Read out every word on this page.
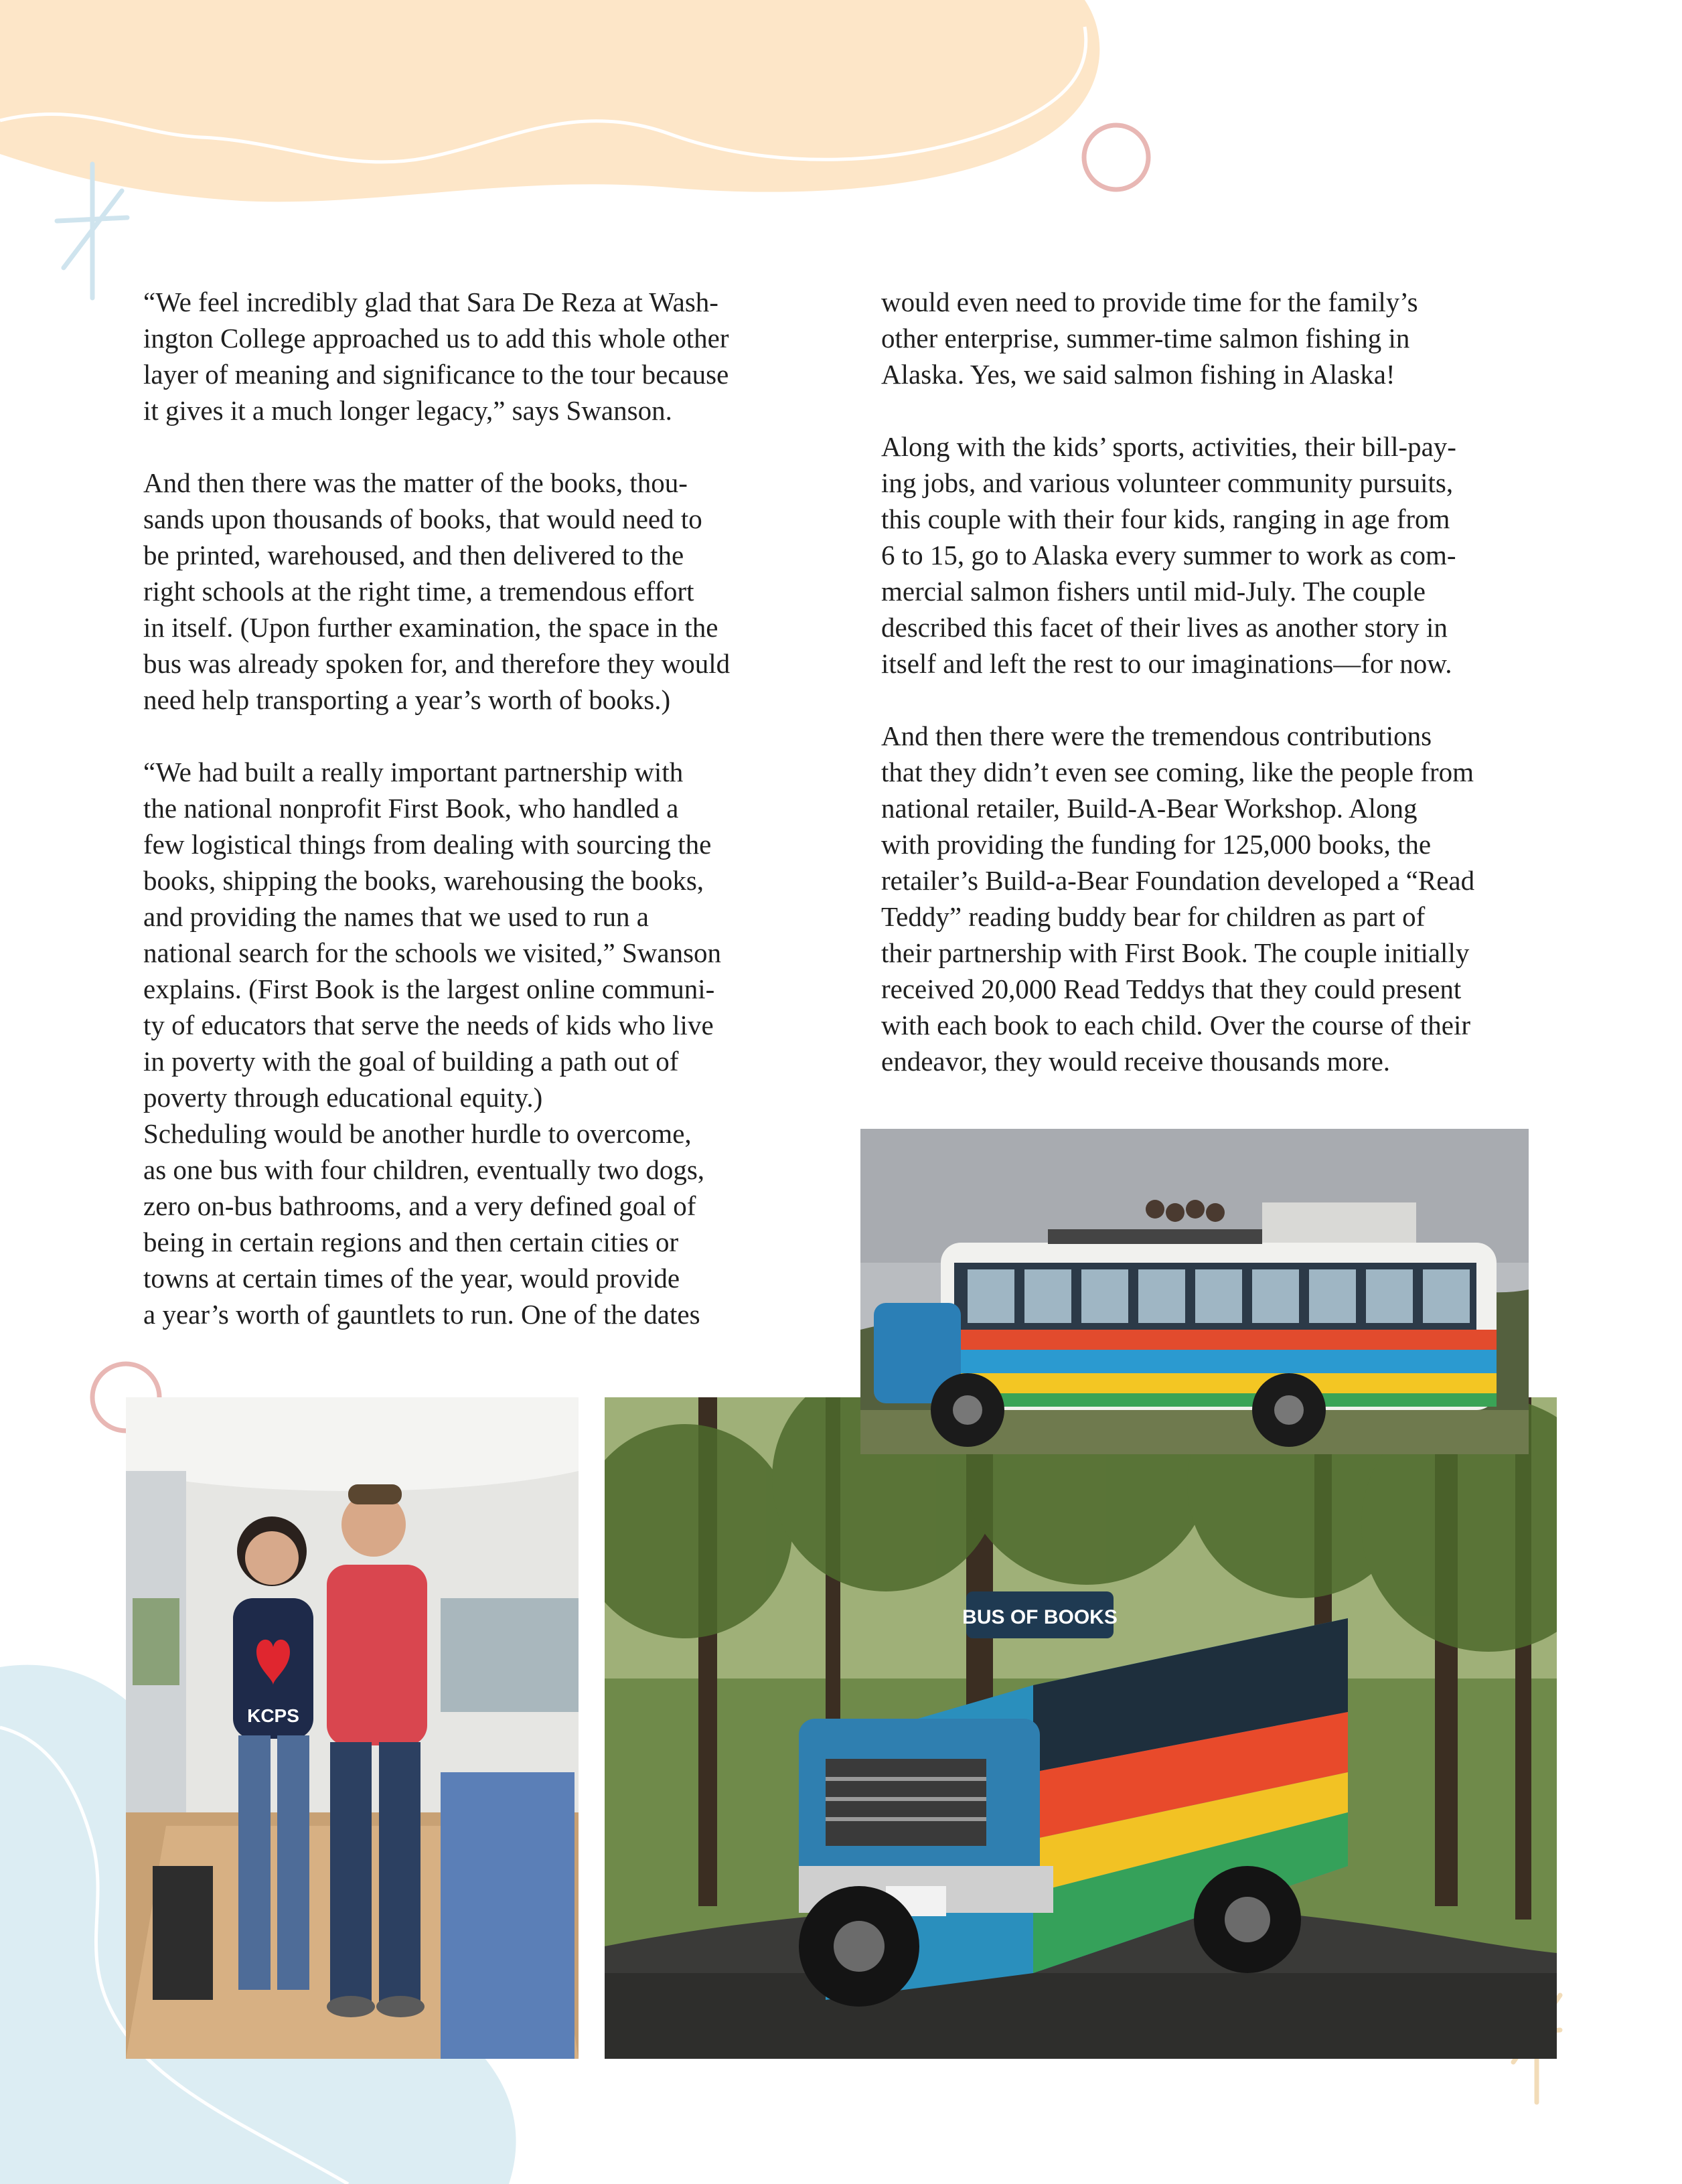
“We feel incredibly glad that Sara De Reza at Wash-
ington College approached us to add this whole other
layer of meaning and significance to the tour because
it gives it a much longer legacy,” says Swanson.

And then there was the matter of the books, thou-
sands upon thousands of books, that would need to
be printed, warehoused, and then delivered to the
right schools at the right time, a tremendous effort
in itself. (Upon further examination, the space in the
bus was already spoken for, and therefore they would
need help transporting a year’s worth of books.)

“We had built a really important partnership with
the national nonprofit First Book, who handled a
few logistical things from dealing with sourcing the
books, shipping the books, warehousing the books,
and providing the names that we used to run a
national search for the schools we visited,” Swanson
explains. (First Book is the largest online communi-
ty of educators that serve the needs of kids who live
in poverty with the goal of building a path out of
poverty through educational equity.)
Scheduling would be another hurdle to overcome,
as one bus with four children, eventually two dogs,
zero on-bus bathrooms, and a very defined goal of
being in certain regions and then certain cities or
towns at certain times of the year, would provide
a year’s worth of gauntlets to run. One of the dates

would even need to provide time for the family’s
other enterprise, summer-time salmon fishing in
Alaska. Yes, we said salmon fishing in Alaska!

Along with the kids’ sports, activities, their bill-pay-
ing jobs, and various volunteer community pursuits,
this couple with their four kids, ranging in age from
6 to 15, go to Alaska every summer to work as com-
mercial salmon fishers until mid-July. The couple
described this facet of their lives as another story in
itself and left the rest to our imaginations—for now.

And then there were the tremendous contributions
that they didn’t even see coming, like the people from
national retailer, Build-A-Bear Workshop. Along
with providing the funding for 125,000 books, the
retailer’s Build-a-Bear Foundation developed a “Read
Teddy” reading buddy bear for children as part of
their partnership with First Book. The couple initially
received 20,000 Read Teddys that they could present
with each book to each child. Over the course of their
endeavor, they would receive thousands more.

KCPS
BUS OF BOOKS
